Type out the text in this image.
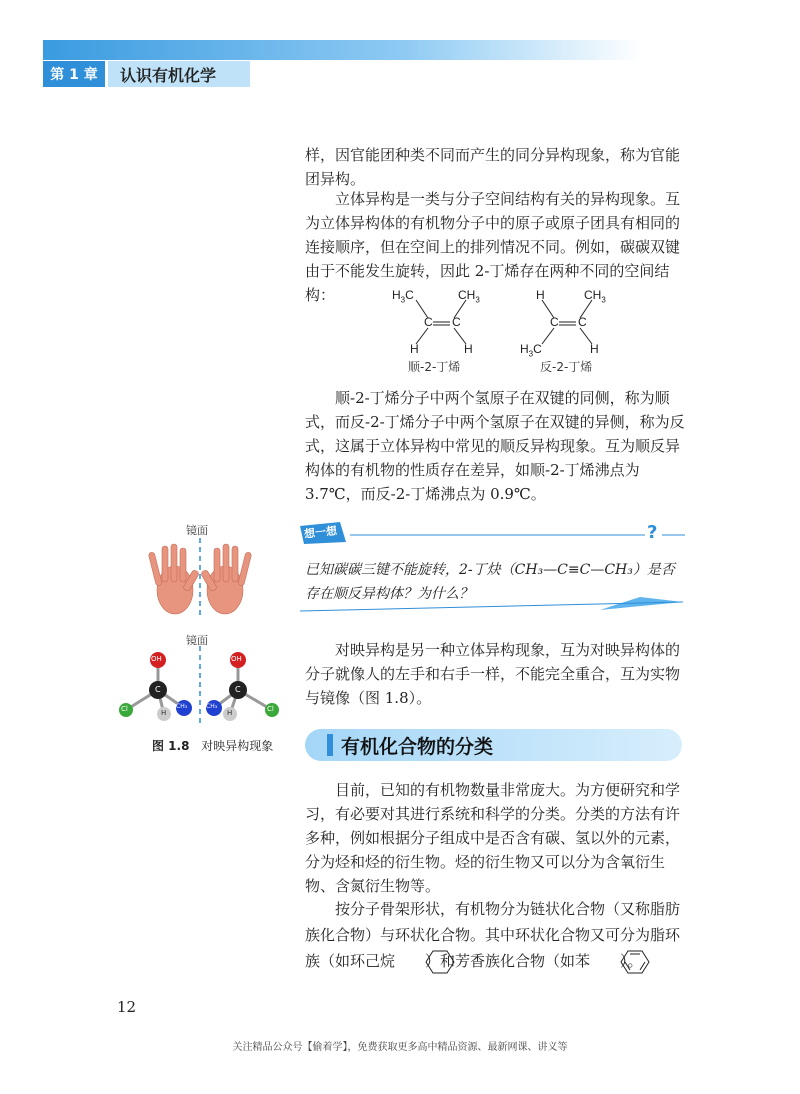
第 1 章	认识有机化学

样，因官能团种类不同而产生的同分异构现象，称为官能团异构。

立体异构是一类与分子空间结构有关的异构现象。互为立体异构体的有机物分子中的原子或原子团具有相同的连接顺序，但在空间上的排列情况不同。例如，碳碳双键由于不能发生旋转，因此 2-丁烯存在两种不同的空间结构：	$H_3C$	$CH_3$
C C
H	H
顺-2-丁烯
H	$CH_3$
C C
$H_3C$	H
反-2-丁烯

顺-2-丁烯分子中两个氢原子在双键的同侧，称为顺式，而反-2-丁烯分子中两个氢原子在双键的异侧，称为反式，这属于立体异构中常见的顺反异构现象。互为顺反异构体的有机物的性质存在差异，如顺-2-丁烯沸点为 3.7℃，而反-2-丁烯沸点为 0.9℃。

想一想	?

已知碳碳三键不能旋转，2-丁炔（CH₃—C≡C—CH₃）是否存在顺反异构体？为什么？

镜面
镜面
OH
C
Cl	H
CH₃
OH
C
Cl
H
CH₃
图 1.8 对映异构现象

对映异构是另一种立体异构现象，互为对映异构体的分子就像人的左手和右手一样，不能完全重合，互为实物与镜像（图 1.8）。

有机化合物的分类

目前，已知的有机物数量非常庞大。为方便研究和学习，有必要对其进行系统和科学的分类。分类的方法有许多种，例如根据分子组成中是否含有碳、氢以外的元素，分为烃和烃的衍生物。烃的衍生物又可以分为含氧衍生物、含氮衍生物等。

按分子骨架形状，有机物分为链状化合物（又称脂肪族化合物）与环状化合物。其中环状化合物又可分为脂环族（如环己烷 ）和芳香族化合物（如苯 ）。

12
关注精品公众号【偷着学】，免费获取更多高中精品资源、最新网课、讲义等
